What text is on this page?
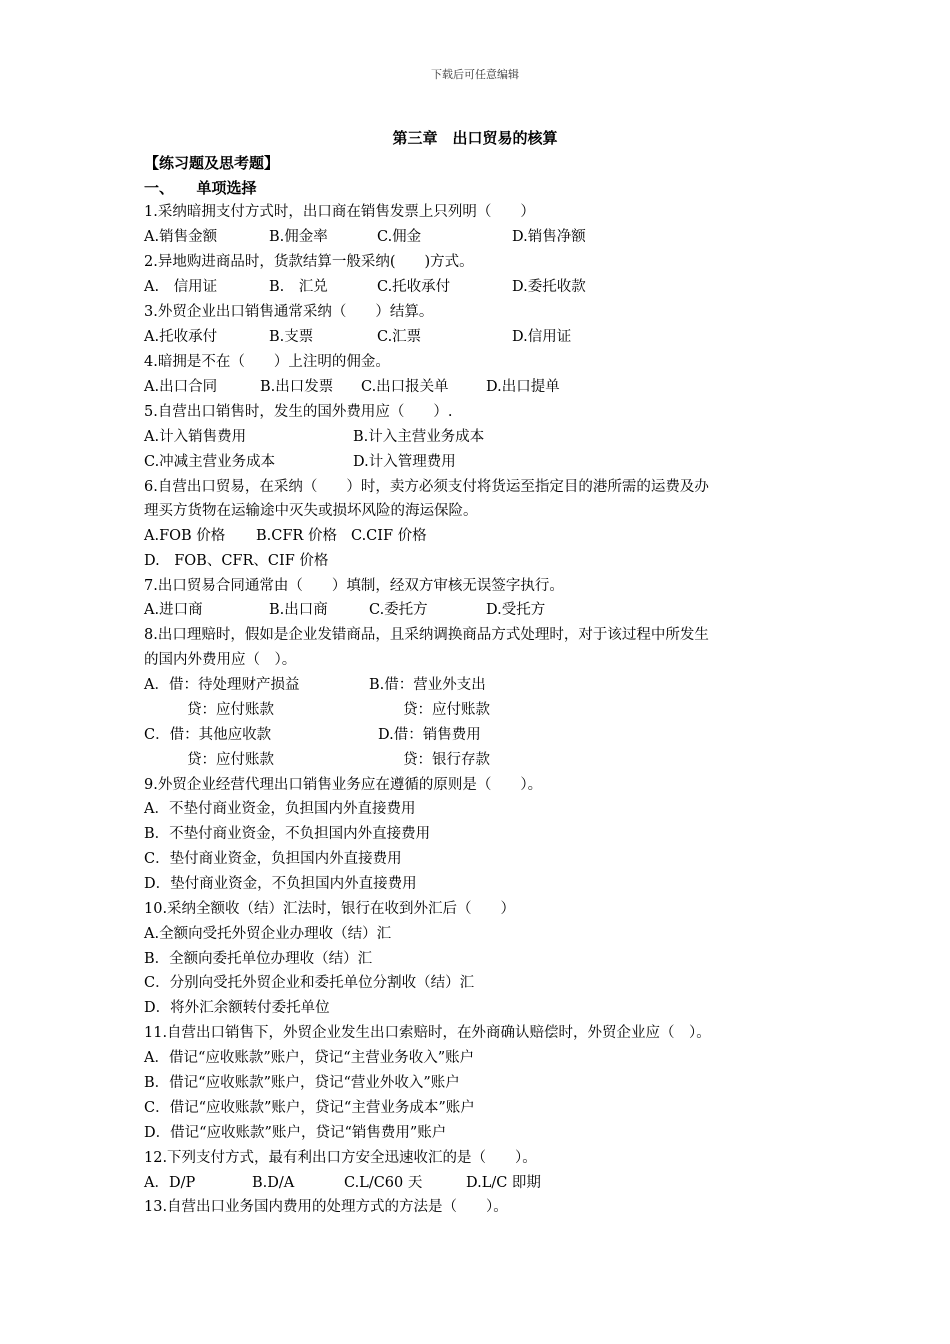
下载后可任意编辑
第三章　出口贸易的核算
【练习题及思考题】
一、　　单项选择
1.采纳暗拥支付方式时，出口商在销售发票上只列明（　　）
A.销售金额	B.佣金率	C.佣金	D.销售净额
2.异地购进商品时，货款结算一般采纳(　　)方式。
A.　信用证	B.　汇兑	C.托收承付	D.委托收款
3.外贸企业出口销售通常采纳（　　）结算。
A.托收承付	B.支票	C.汇票	D.信用证
4.暗拥是不在（　　）上注明的佣金。
A.出口合同	B.出口发票 C.出口报关单	D.出口提单
5.自营出口销售时，发生的国外费用应（　　）.
A.计入销售费用	B.计入主营业务成本
C.冲减主营业务成本	D.计入管理费用
6.自营出口贸易，在采纳（　　）时，卖方必须支付将货运至指定目的港所需的运费及办
理买方货物在运输途中灭失或损坏风险的海运保险。
A.FOB 价格 B.CFR 价格 C.CIF 价格
D.　FOB、CFR、CIF 价格
7.出口贸易合同通常由（　　）填制，经双方审核无误签字执行。
A.进口商	B.出口商	C.委托方	D.受托方
8.出口理赔时，假如是企业发错商品，且采纳调换商品方式处理时，对于该过程中所发生
的国内外费用应（　）。
A．借：待处理财产损益	B.借：营业外支出
贷：应付账款	贷：应付账款
C．借：其他应收款	D.借：销售费用
贷：应付账款	贷：银行存款
9.外贸企业经营代理出口销售业务应在遵循的原则是（　　）。
A．不垫付商业资金，负担国内外直接费用
B．不垫付商业资金，不负担国内外直接费用
C．垫付商业资金，负担国内外直接费用
D．垫付商业资金，不负担国内外直接费用
10.采纳全额收（结）汇法时，银行在收到外汇后（　　）
A.全额向受托外贸企业办理收（结）汇
B．全额向委托单位办理收（结）汇
C．分别向受托外贸企业和委托单位分割收（结）汇
D．将外汇余额转付委托单位
11.自营出口销售下，外贸企业发生出口索赔时，在外商确认赔偿时，外贸企业应（　）。
A．借记“应收账款”账户，贷记“主营业务收入”账户
B．借记“应收账款”账户，贷记“营业外收入”账户
C．借记“应收账款”账户，贷记“主营业务成本”账户
D．借记“应收账款”账户，贷记“销售费用”账户
12.下列支付方式，最有利出口方安全迅速收汇的是（　　）。
A．D/P	B.D/A	C.L/C60 天	D.L/C 即期
13.自营出口业务国内费用的处理方式的方法是（　　）。
